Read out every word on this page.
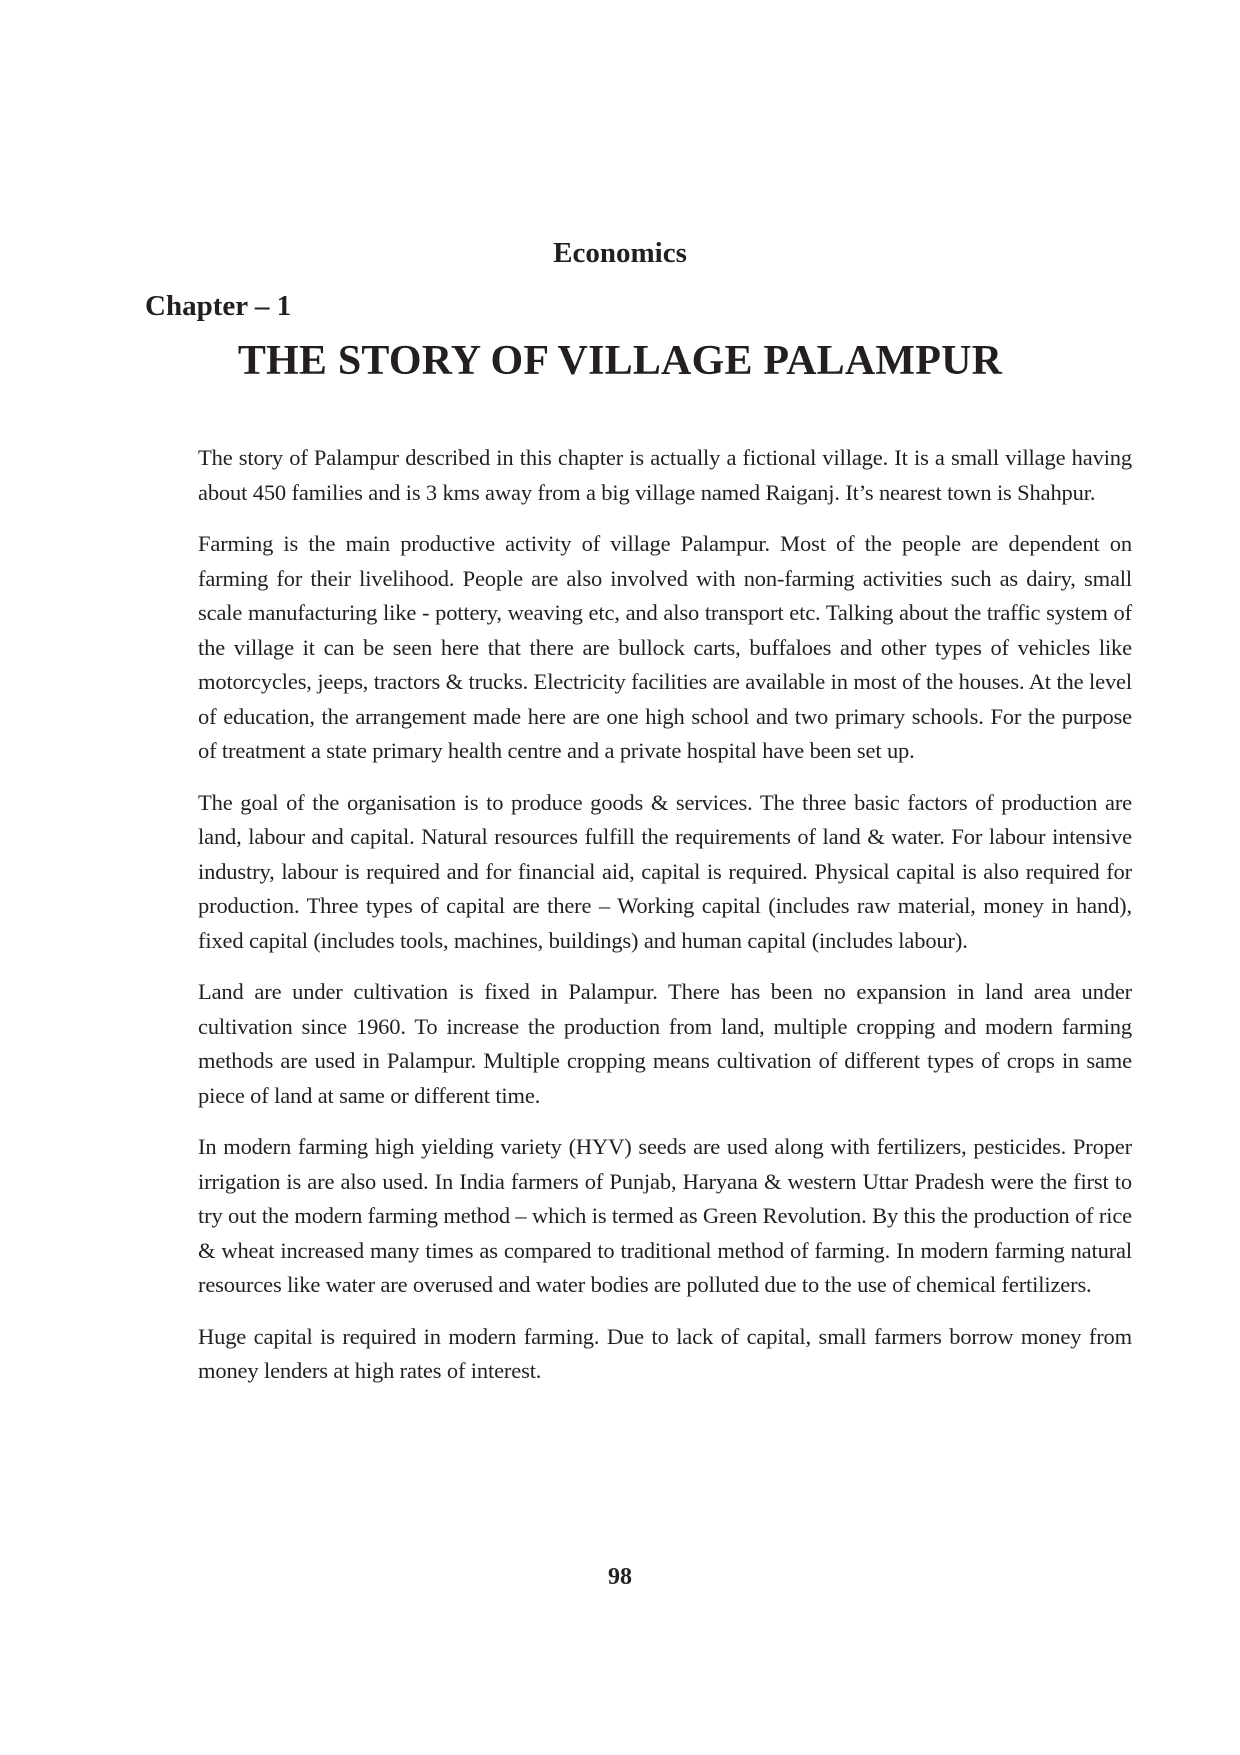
Economics
Chapter – 1
THE STORY OF VILLAGE PALAMPUR

The story of Palampur described in this chapter is actually a fictional village. It is a small village having about 450 families and is 3 kms away from a big village named Raiganj. It’s nearest town is Shahpur.

Farming is the main productive activity of village Palampur. Most of the people are dependent on farming for their livelihood. People are also involved with non-farming activities such as dairy, small scale manufacturing like - pottery, weaving etc, and also transport etc. Talking about the traffic system of the village it can be seen here that there are bullock carts, buffaloes and other types of vehicles like motorcycles, jeeps, tractors & trucks. Electricity facilities are available in most of the houses. At the level of education, the arrangement made here are one high school and two primary schools. For the purpose of treatment a state primary health centre and a private hospital have been set up.

The goal of the organisation is to produce goods & services. The three basic factors of production are land, labour and capital. Natural resources fulfill the requirements of land & water. For labour intensive industry, labour is required and for financial aid, capital is required. Physical capital is also required for production. Three types of capital are there – Working capital (includes raw material, money in hand), fixed capital (includes tools, machines, buildings) and human capital (includes labour).

Land are under cultivation is fixed in Palampur. There has been no expansion in land area under cultivation since 1960. To increase the production from land, multiple cropping and modern farming methods are used in Palampur. Multiple cropping means cultivation of different types of crops in same piece of land at same or different time.

In modern farming high yielding variety (HYV) seeds are used along with fertilizers, pesticides. Proper irrigation is are also used. In India farmers of Punjab, Haryana & western Uttar Pradesh were the first to try out the modern farming method – which is termed as Green Revolution. By this the production of rice & wheat increased many times as compared to traditional method of farming. In modern farming natural resources like water are overused and water bodies are polluted due to the use of chemical fertilizers.

Huge capital is required in modern farming. Due to lack of capital, small farmers borrow money from money lenders at high rates of interest.

98
